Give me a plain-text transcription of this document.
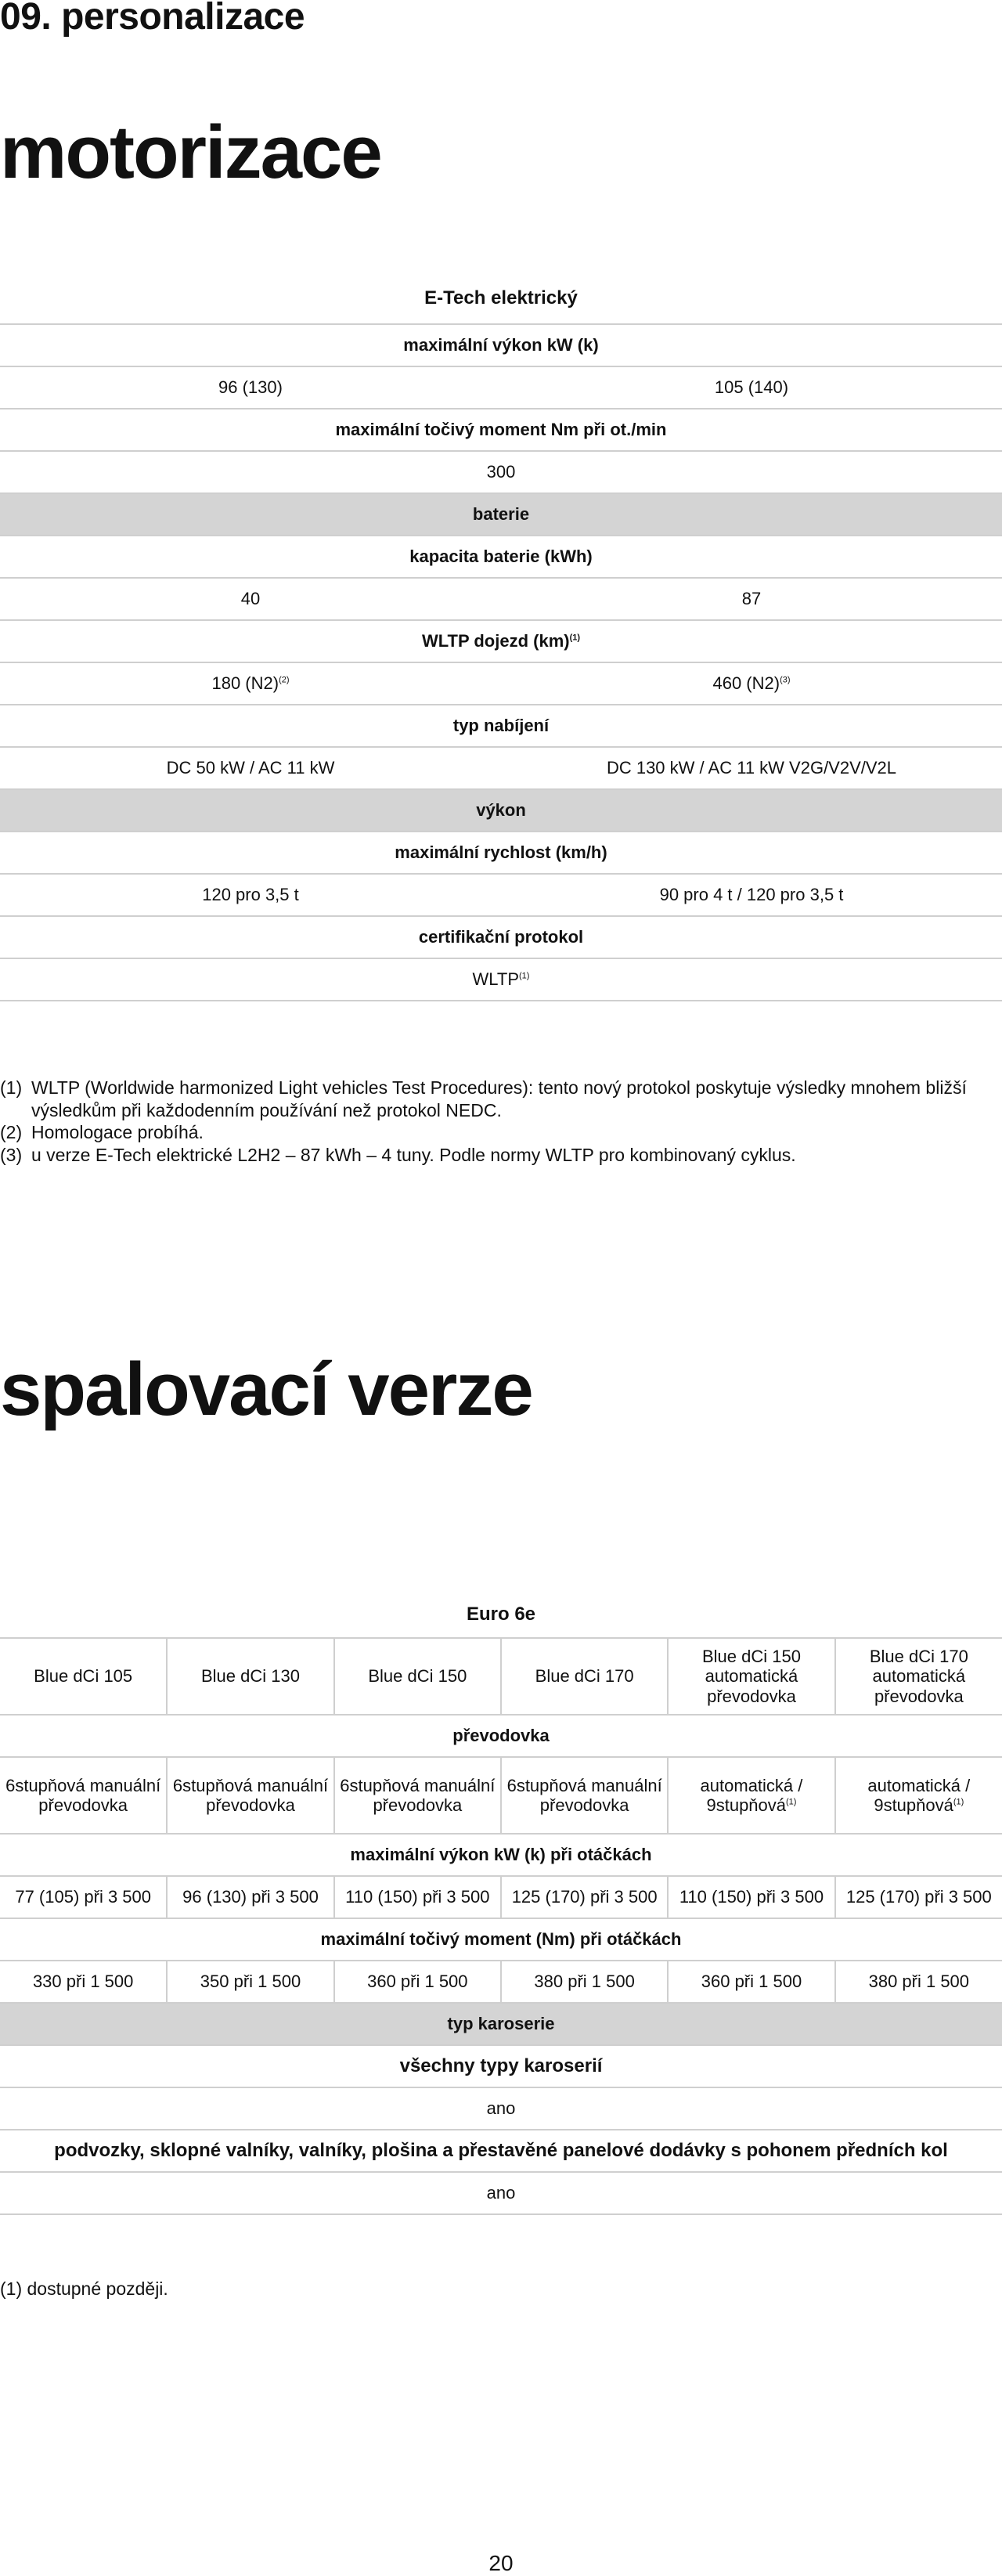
09. personalizace
motorizace
E-Tech elektrický	
maximální výkon kW (k)	
96 (130)	105 (140)
maximální točivý moment Nm při ot./min	
300	
baterie	
kapacita baterie (kWh)	
40	87
WLTP dojezd (km)$^{(1)}$
180 $(N2)^{(2)}$	460 $(N2)^{(3)}$
typ nabíjení	
DC 50 kW / AC 11 kW	DC 130 kW / AC 11 kW V2G/V2V/V2L
výkon	
maximální rychlost (km/h)	
120 pro 3,5 t	90 pro 4 t / 120 pro 3,5 t
certifikační protokol	
WLTP$^{(1)}$
(1) WLTP (Worldwide harmonized Light vehicles Test Procedures): tento nový protokol poskytuje výsledky mnohem bližší výsledkům při každodenním používání než protokol NEDC.
(2) Homologace probíhá.
(3) u verze E-Tech elektrické L2H2 – 87 kWh – 4 tuny. Podle normy WLTP pro kombinovaný cyklus.
spalovací verze
Euro 6e					
Blue dCi 105	Blue dCi 130	Blue dCi 150	Blue dCi 170	Blue dCi 150 automatická převodovka	Blue dCi 170 automatická převodovka
převodovka					
6stupňová manuální převodovka	6stupňová manuální převodovka	6stupňová manuální převodovka	6stupňová manuální převodovka	automatická / 9stupňová$^{(1)}$	automatická / 9stupňová$^{(1)}$
maximální výkon kW (k) při otáčkách					
77 (105) při 3 500	96 (130) při 3 500	110 (150) při 3 500	125 (170) při 3 500	110 (150) při 3 500	125 (170) při 3 500
maximální točivý moment (Nm) při otáčkách					
330 při 1 500	350 při 1 500	360 při 1 500	380 při 1 500	360 při 1 500	380 při 1 500
typ karoserie					
všechny typy karoserií					
ano					
podvozky, sklopné valníky, valníky, plošina a přestavěné panelové dodávky s pohonem předních kol					
ano					
(1) dostupné později.
20
